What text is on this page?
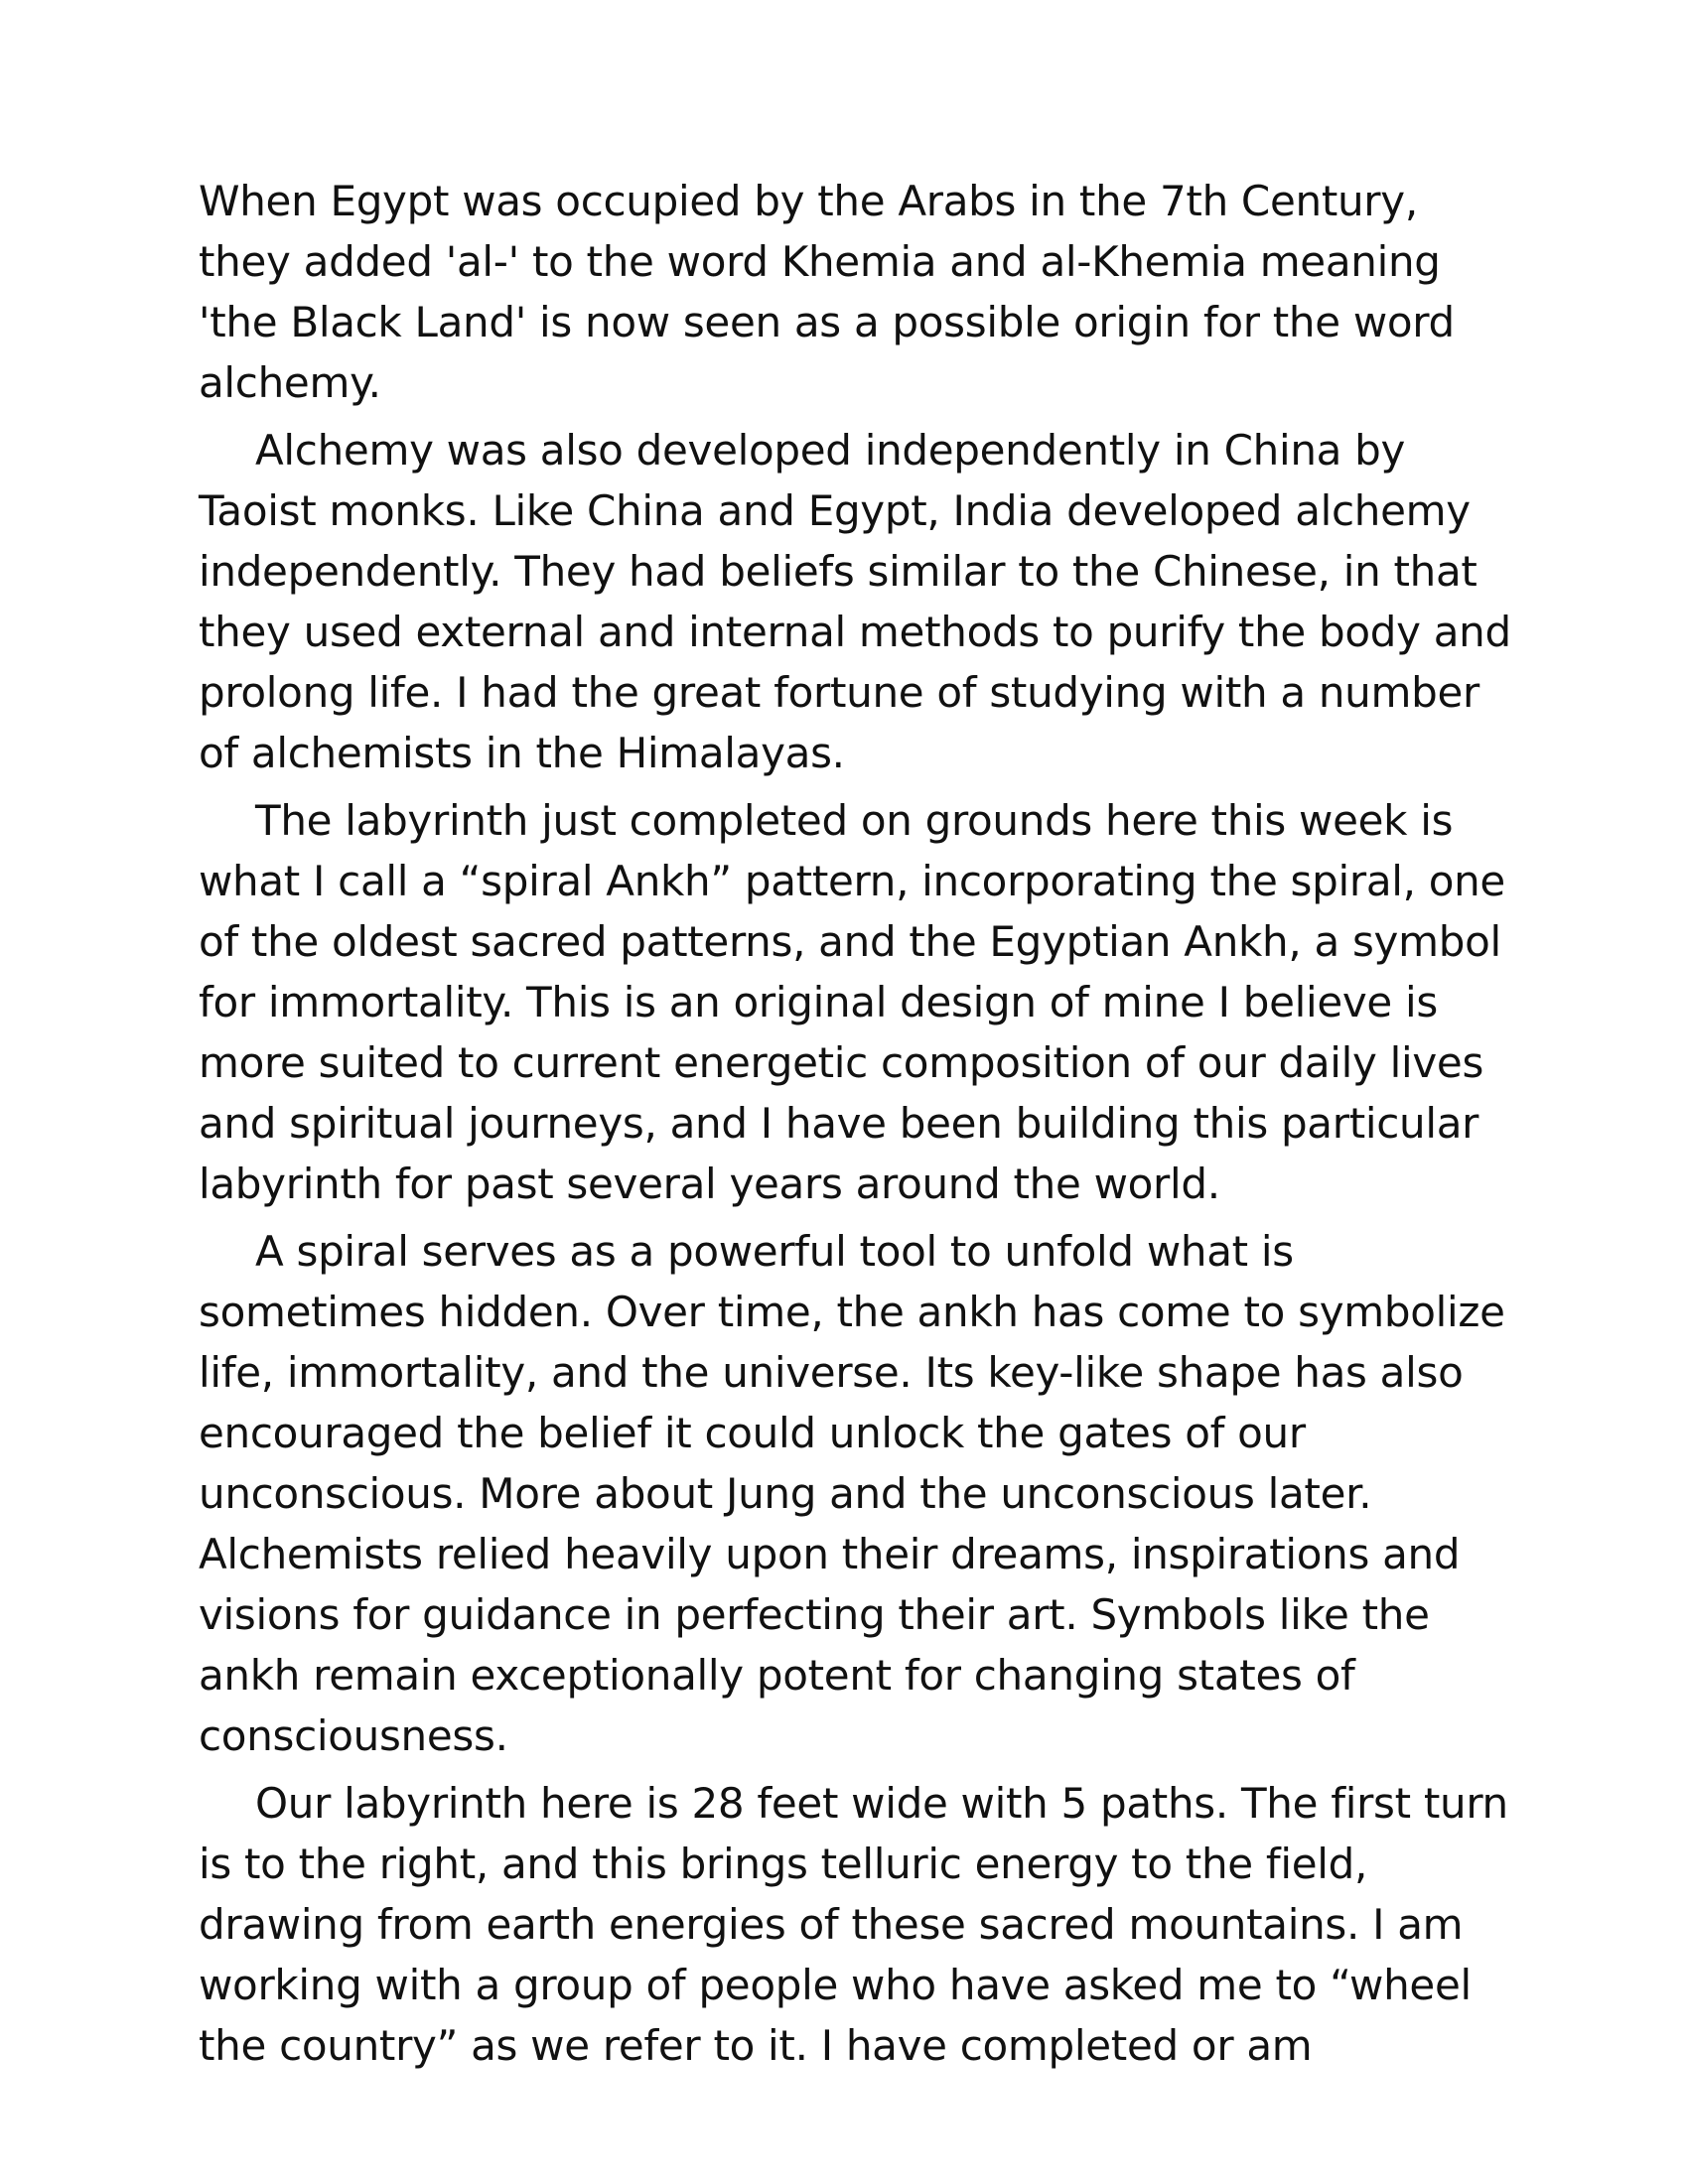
When Egypt was occupied by the Arabs in the 7th Century,
they added 'al-' to the word Khemia and al-Khemia meaning
'the Black Land' is now seen as a possible origin for the word
alchemy.
Alchemy was also developed independently in China by
Taoist monks. Like China and Egypt, India developed alchemy
independently. They had beliefs similar to the Chinese, in that
they used external and internal methods to purify the body and
prolong life. I had the great fortune of studying with a number
of alchemists in the Himalayas.
The labyrinth just completed on grounds here this week is
what I call a “spiral Ankh” pattern, incorporating the spiral, one
of the oldest sacred patterns, and the Egyptian Ankh, a symbol
for immortality. This is an original design of mine I believe is
more suited to current energetic composition of our daily lives
and spiritual journeys, and I have been building this particular
labyrinth for past several years around the world.
A spiral serves as a powerful tool to unfold what is
sometimes hidden. Over time, the ankh has come to symbolize
life, immortality, and the universe. Its key-like shape has also
encouraged the belief it could unlock the gates of our
unconscious. More about Jung and the unconscious later.
Alchemists relied heavily upon their dreams, inspirations and
visions for guidance in perfecting their art. Symbols like the
ankh remain exceptionally potent for changing states of
consciousness.
Our labyrinth here is 28 feet wide with 5 paths. The first turn
is to the right, and this brings telluric energy to the field,
drawing from earth energies of these sacred mountains. I am
working with a group of people who have asked me to “wheel
the country” as we refer to it. I have completed or am
